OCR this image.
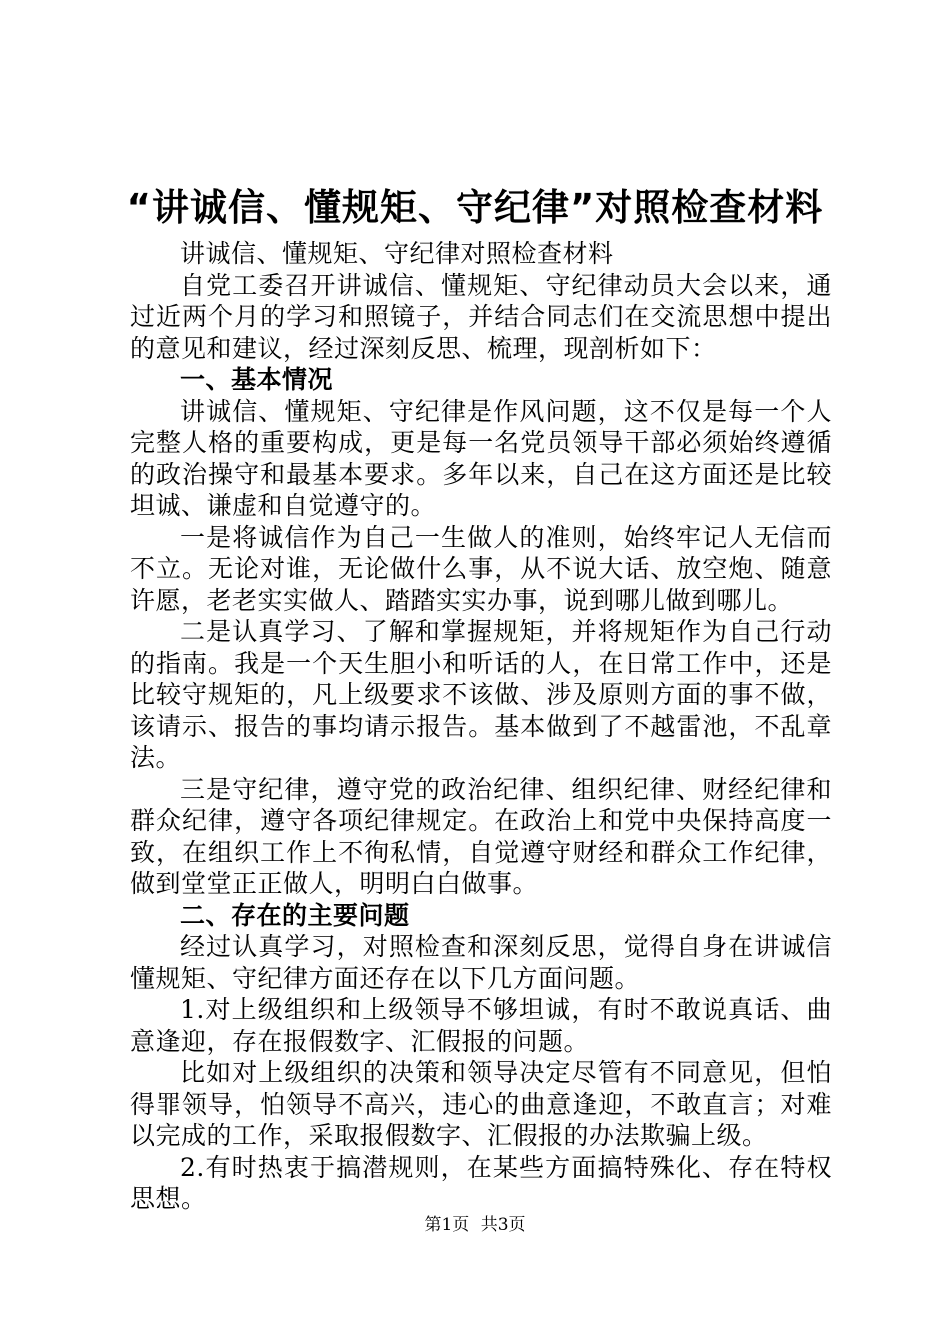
“讲诚信、懂规矩、守纪律”对照检查材料

讲诚信、懂规矩、守纪律对照检查材料

自党工委召开讲诚信、懂规矩、守纪律动员大会以来，通过近两个月的学习和照镜子，并结合同志们在交流思想中提出的意见和建议，经过深刻反思、梳理，现剖析如下：

一、基本情况

讲诚信、懂规矩、守纪律是作风问题，这不仅是每一个人完整人格的重要构成，更是每一名党员领导干部必须始终遵循的政治操守和最基本要求。多年以来，自己在这方面还是比较坦诚、谦虚和自觉遵守的。

一是将诚信作为自己一生做人的准则，始终牢记人无信而不立。无论对谁，无论做什么事，从不说大话、放空炮、随意许愿，老老实实做人、踏踏实实办事，说到哪儿做到哪儿。

二是认真学习、了解和掌握规矩，并将规矩作为自己行动的指南。我是一个天生胆小和听话的人，在日常工作中，还是比较守规矩的，凡上级要求不该做、涉及原则方面的事不做，该请示、报告的事均请示报告。基本做到了不越雷池，不乱章法。

三是守纪律，遵守党的政治纪律、组织纪律、财经纪律和群众纪律，遵守各项纪律规定。在政治上和党中央保持高度一致，在组织工作上不徇私情，自觉遵守财经和群众工作纪律，做到堂堂正正做人，明明白白做事。

二、存在的主要问题

经过认真学习，对照检查和深刻反思，觉得自身在讲诚信懂规矩、守纪律方面还存在以下几方面问题。

1.对上级组织和上级领导不够坦诚，有时不敢说真话、曲意逢迎，存在报假数字、汇假报的问题。

比如对上级组织的决策和领导决定尽管有不同意见，但怕得罪领导，怕领导不高兴，违心的曲意逢迎，不敢直言；对难以完成的工作，采取报假数字、汇假报的办法欺骗上级。

2.有时热衷于搞潜规则，在某些方面搞特殊化、存在特权思想。

第1页 共3页
